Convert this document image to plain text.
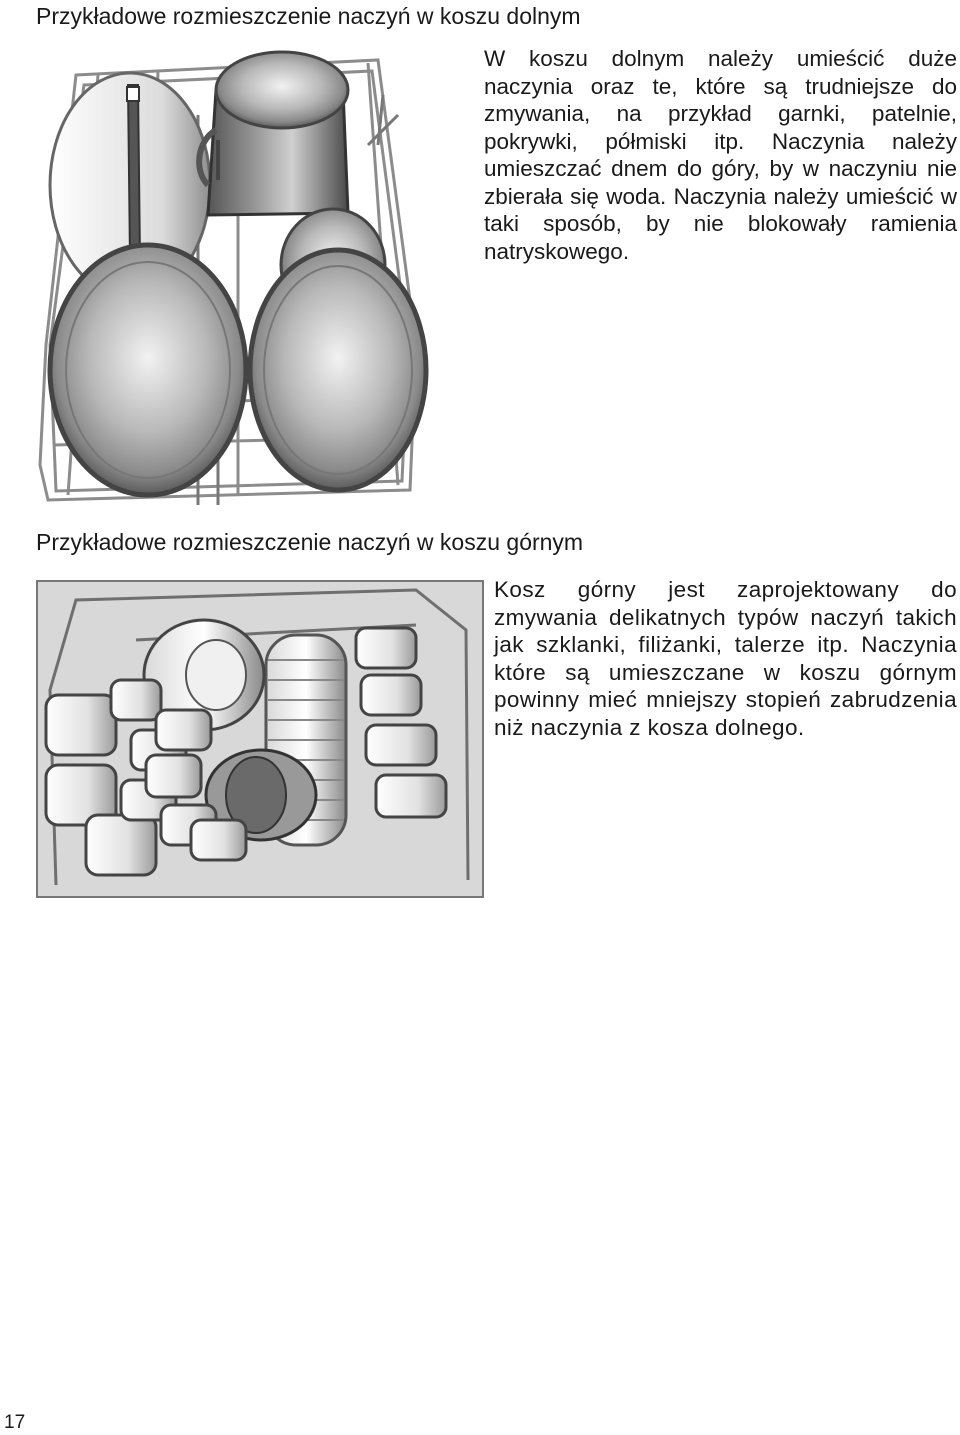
Przykładowe rozmieszczenie naczyń w koszu dolnym

W koszu dolnym należy umieścić duże naczynia oraz te, które są trudniejsze do zmywania, na przykład garnki, patelnie, pokrywki, półmiski itp. Naczynia należy umieszczać dnem do góry, by w naczyniu nie zbierała się woda. Naczynia należy umieścić w taki sposób, by nie blokowały ramienia natryskowego.

Przykładowe rozmieszczenie naczyń w koszu górnym

Kosz górny jest zaprojektowany do zmywania delikatnych typów naczyń takich jak szklanki, filiżanki, talerze itp. Naczynia które są umieszczane w koszu górnym powinny mieć mniejszy stopień zabrudzenia niż naczynia z kosza dolnego.

17
